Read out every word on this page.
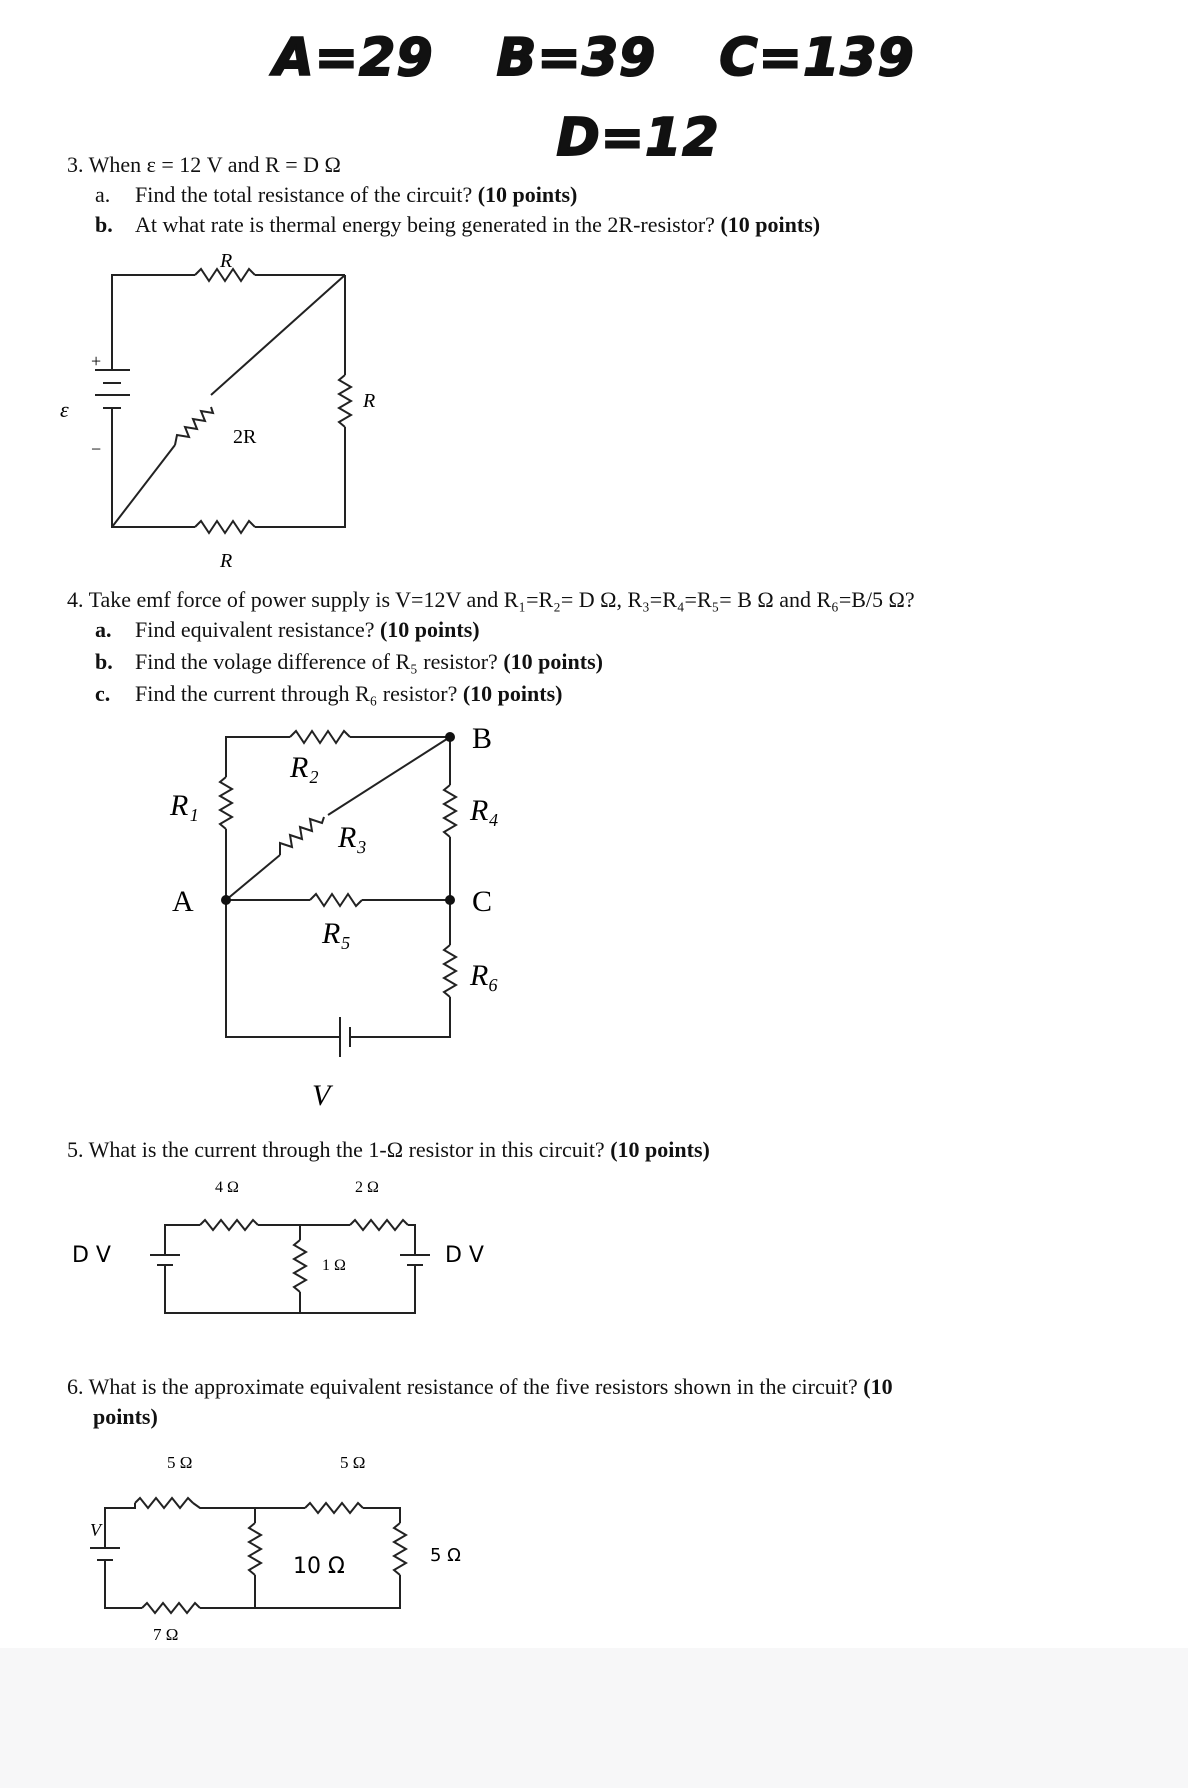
A=29 B=39 C=139
D=12
3. When ε = 12 V and R = D Ω
a. Find the total resistance of the circuit? (10 points)
b. At what rate is thermal energy being generated in the 2R-resistor? (10 points)
R
R
2R
R
ε
+
−
4. Take emf force of power supply is V=12V and R₁=R₂= D Ω, R₃=R₄=R₅= B Ω and R₆=B/5 Ω?
a. Find equivalent resistance? (10 points)
b. Find the volage difference of R₅ resistor? (10 points)
c. Find the current through R₆ resistor? (10 points)
R₁
R₂
R₃
R₄
R₅
R₆
A
B
C
V
5. What is the current through the 1-Ω resistor in this circuit? (10 points)
4 Ω	2 Ω
1 Ω
D V	D V
6. What is the approximate equivalent resistance of the five resistors shown in the circuit? (10
points)
5 Ω	5 Ω
10 Ω	5 Ω
7 Ω
V
